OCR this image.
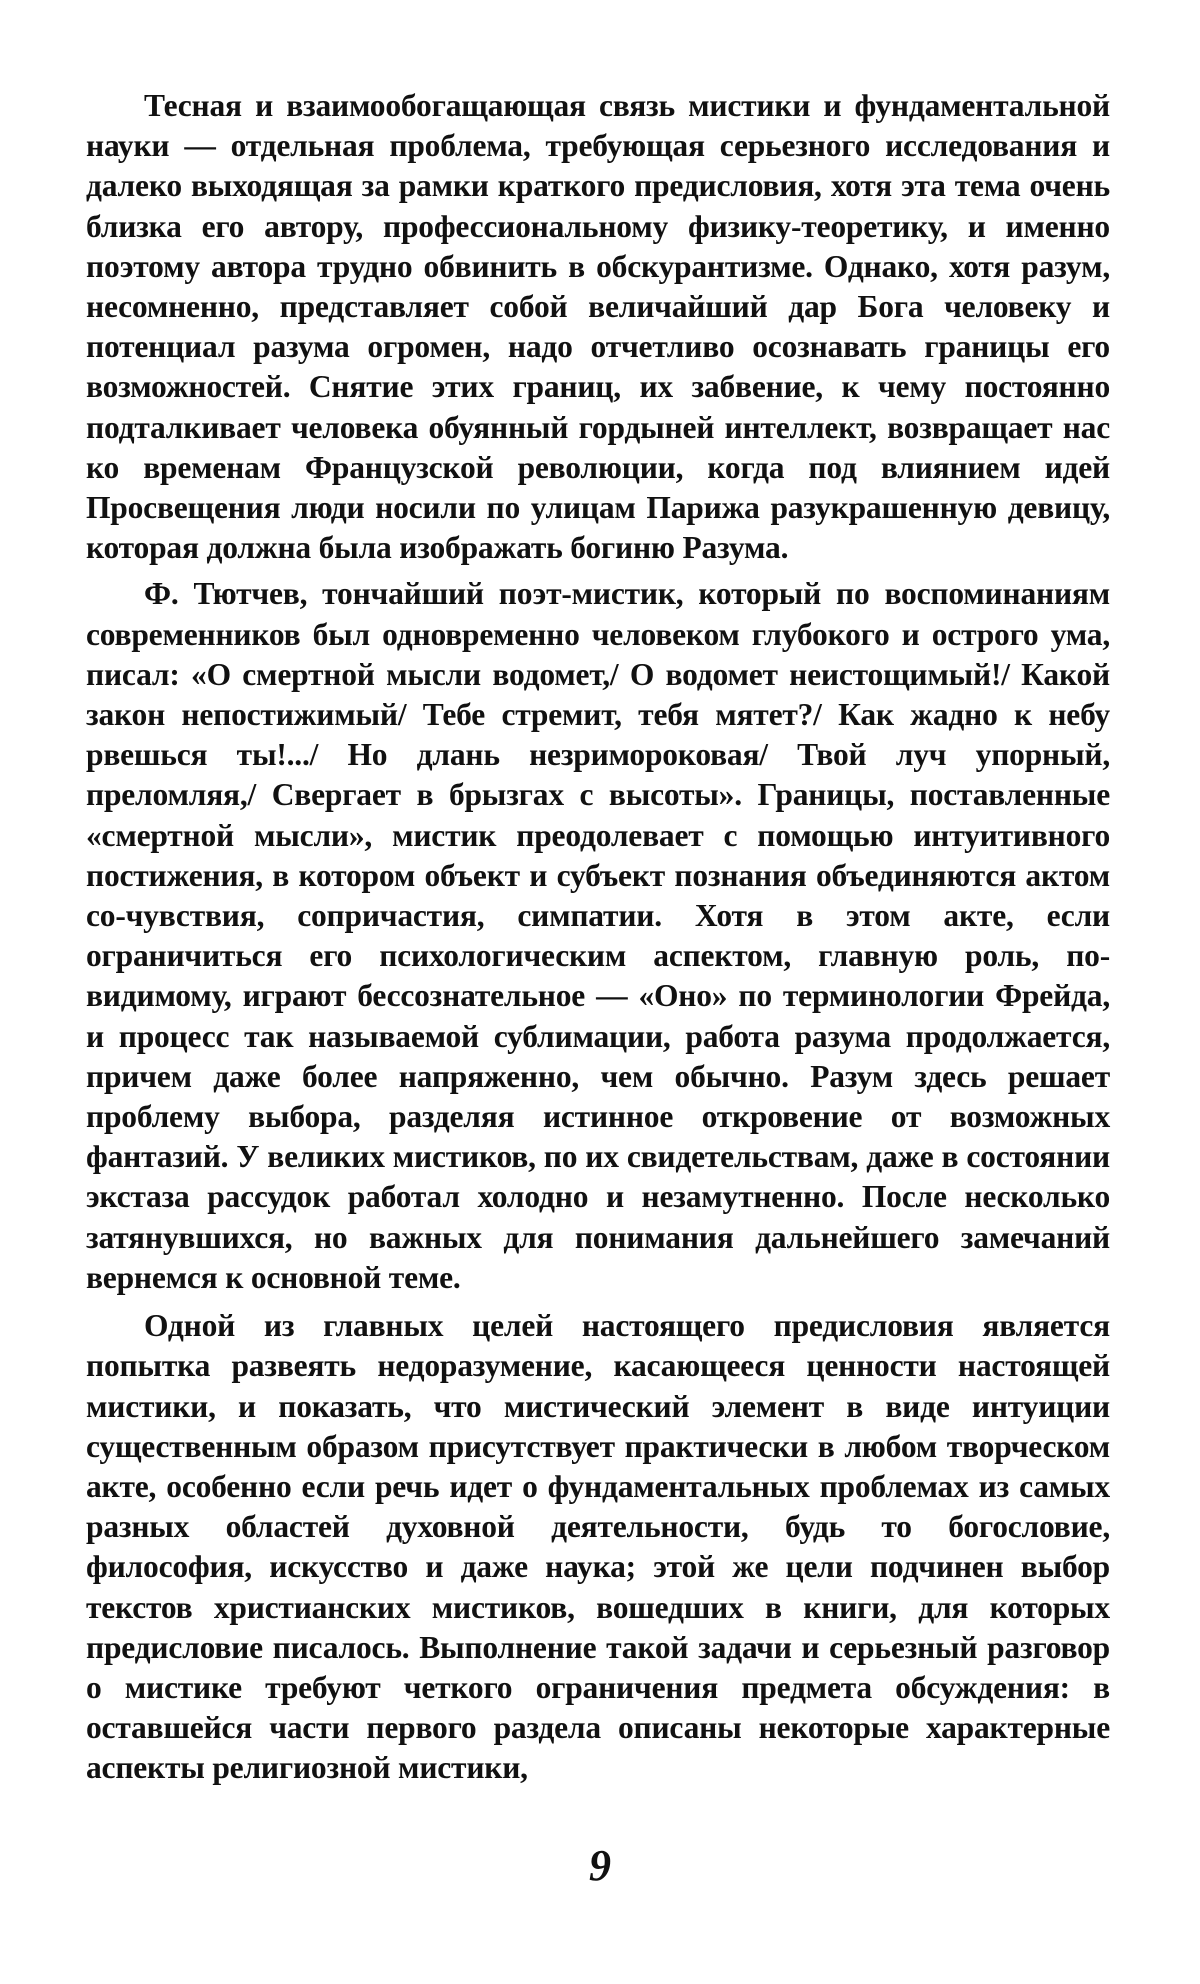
Тесная и взаимообогащающая связь мистики и фундаментальной науки — отдельная проблема, требующая серьезного исследования и далеко выходящая за рамки краткого предисловия, хотя эта тема очень близка его автору, профессиональному физику-теоретику, и именно поэтому автора трудно обвинить в обскурантизме. Однако, хотя разум, несомненно, представляет собой величайший дар Бога человеку и потенциал разума огромен, надо отчетливо осознавать границы его возможностей. Снятие этих границ, их забвение, к чему постоянно подталкивает человека обуянный гордыней интеллект, возвращает нас ко временам Французской революции, когда под влиянием идей Просвещения люди носили по улицам Парижа разукрашенную девицу, которая должна была изображать богиню Разума.

Ф. Тютчев, тончайший поэт-мистик, который по воспоминаниям современников был одновременно человеком глубокого и острого ума, писал: «О смертной мысли водомет,/ О водомет неистощимый!/ Какой закон непостижимый/ Тебе стремит, тебя мятет?/ Как жадно к небу рвешься ты!.../ Но длань незримороковая/ Твой луч упорный, преломляя,/ Свергает в брызгах с высоты». Границы, поставленные «смертной мысли», мистик преодолевает с помощью интуитивного постижения, в котором объект и субъект познания объединяются актом со-чувствия, сопричастия, симпатии. Хотя в этом акте, если ограничиться его психологическим аспектом, главную роль, по-видимому, играют бессознательное — «Оно» по терминологии Фрейда, и процесс так называемой сублимации, работа разума продолжается, причем даже более напряженно, чем обычно. Разум здесь решает проблему выбора, разделяя истинное откровение от возможных фантазий. У великих мистиков, по их свидетельствам, даже в состоянии экстаза рассудок работал холодно и незамутненно. После несколько затянувшихся, но важных для понимания дальнейшего замечаний вернемся к основной теме.

Одной из главных целей настоящего предисловия является попытка развеять недоразумение, касающееся ценности настоящей мистики, и показать, что мистический элемент в виде интуиции существенным образом присутствует практически в любом творческом акте, особенно если речь идет о фундаментальных проблемах из самых разных областей духовной деятельности, будь то богословие, философия, искусство и даже наука; этой же цели подчинен выбор текстов христианских мистиков, вошедших в книги, для которых предисловие писалось. Выполнение такой задачи и серьезный разговор о мистике требуют четкого ограничения предмета обсуждения: в оставшейся части первого раздела описаны некоторые характерные аспекты религиозной мистики,

9
